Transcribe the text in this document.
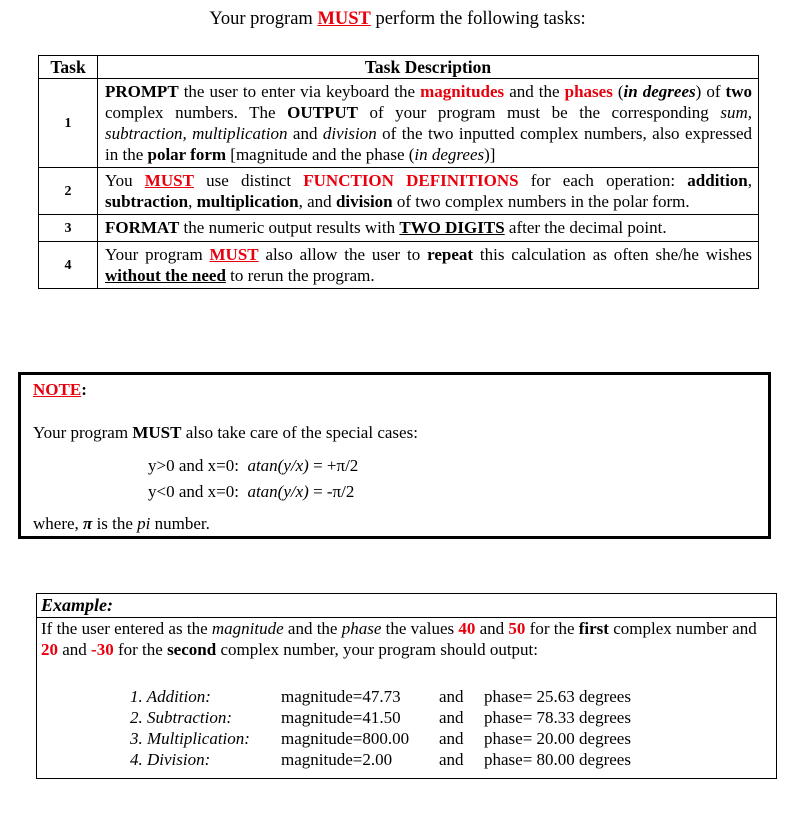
Your program MUST perform the following tasks:
Task	Task Description
1	PROMPT the user to enter via keyboard the magnitudes and the phases (in degrees) of two complex numbers. The OUTPUT of your program must be the corresponding sum, subtraction, multiplication and division of the two inputted complex numbers, also expressed in the polar form [magnitude and the phase (in degrees)]
2	You MUST use distinct FUNCTION DEFINITIONS for each operation: addition, subtraction, multiplication, and division of two complex numbers in the polar form.
3	FORMAT the numeric output results with TWO DIGITS after the decimal point.
4	Your program MUST also allow the user to repeat this calculation as often she/he wishes without the need to rerun the program.
NOTE:
Your program MUST also take care of the special cases:
y>0 and x=0: atan(y/x) = +π/2
y<0 and x=0: atan(y/x) = -π/2
where, π is the pi number.
Example:
If the user entered as the magnitude and the phase the values 40 and 50 for the first complex number and 20 and -30 for the second complex number, your program should output:
1. Addition:	magnitude=47.73	and	phase= 25.63 degrees
2. Subtraction:	magnitude=41.50	and	phase= 78.33 degrees
3. Multiplication:	magnitude=800.00	and	phase= 20.00 degrees
4. Division:	magnitude=2.00	and	phase= 80.00 degrees
